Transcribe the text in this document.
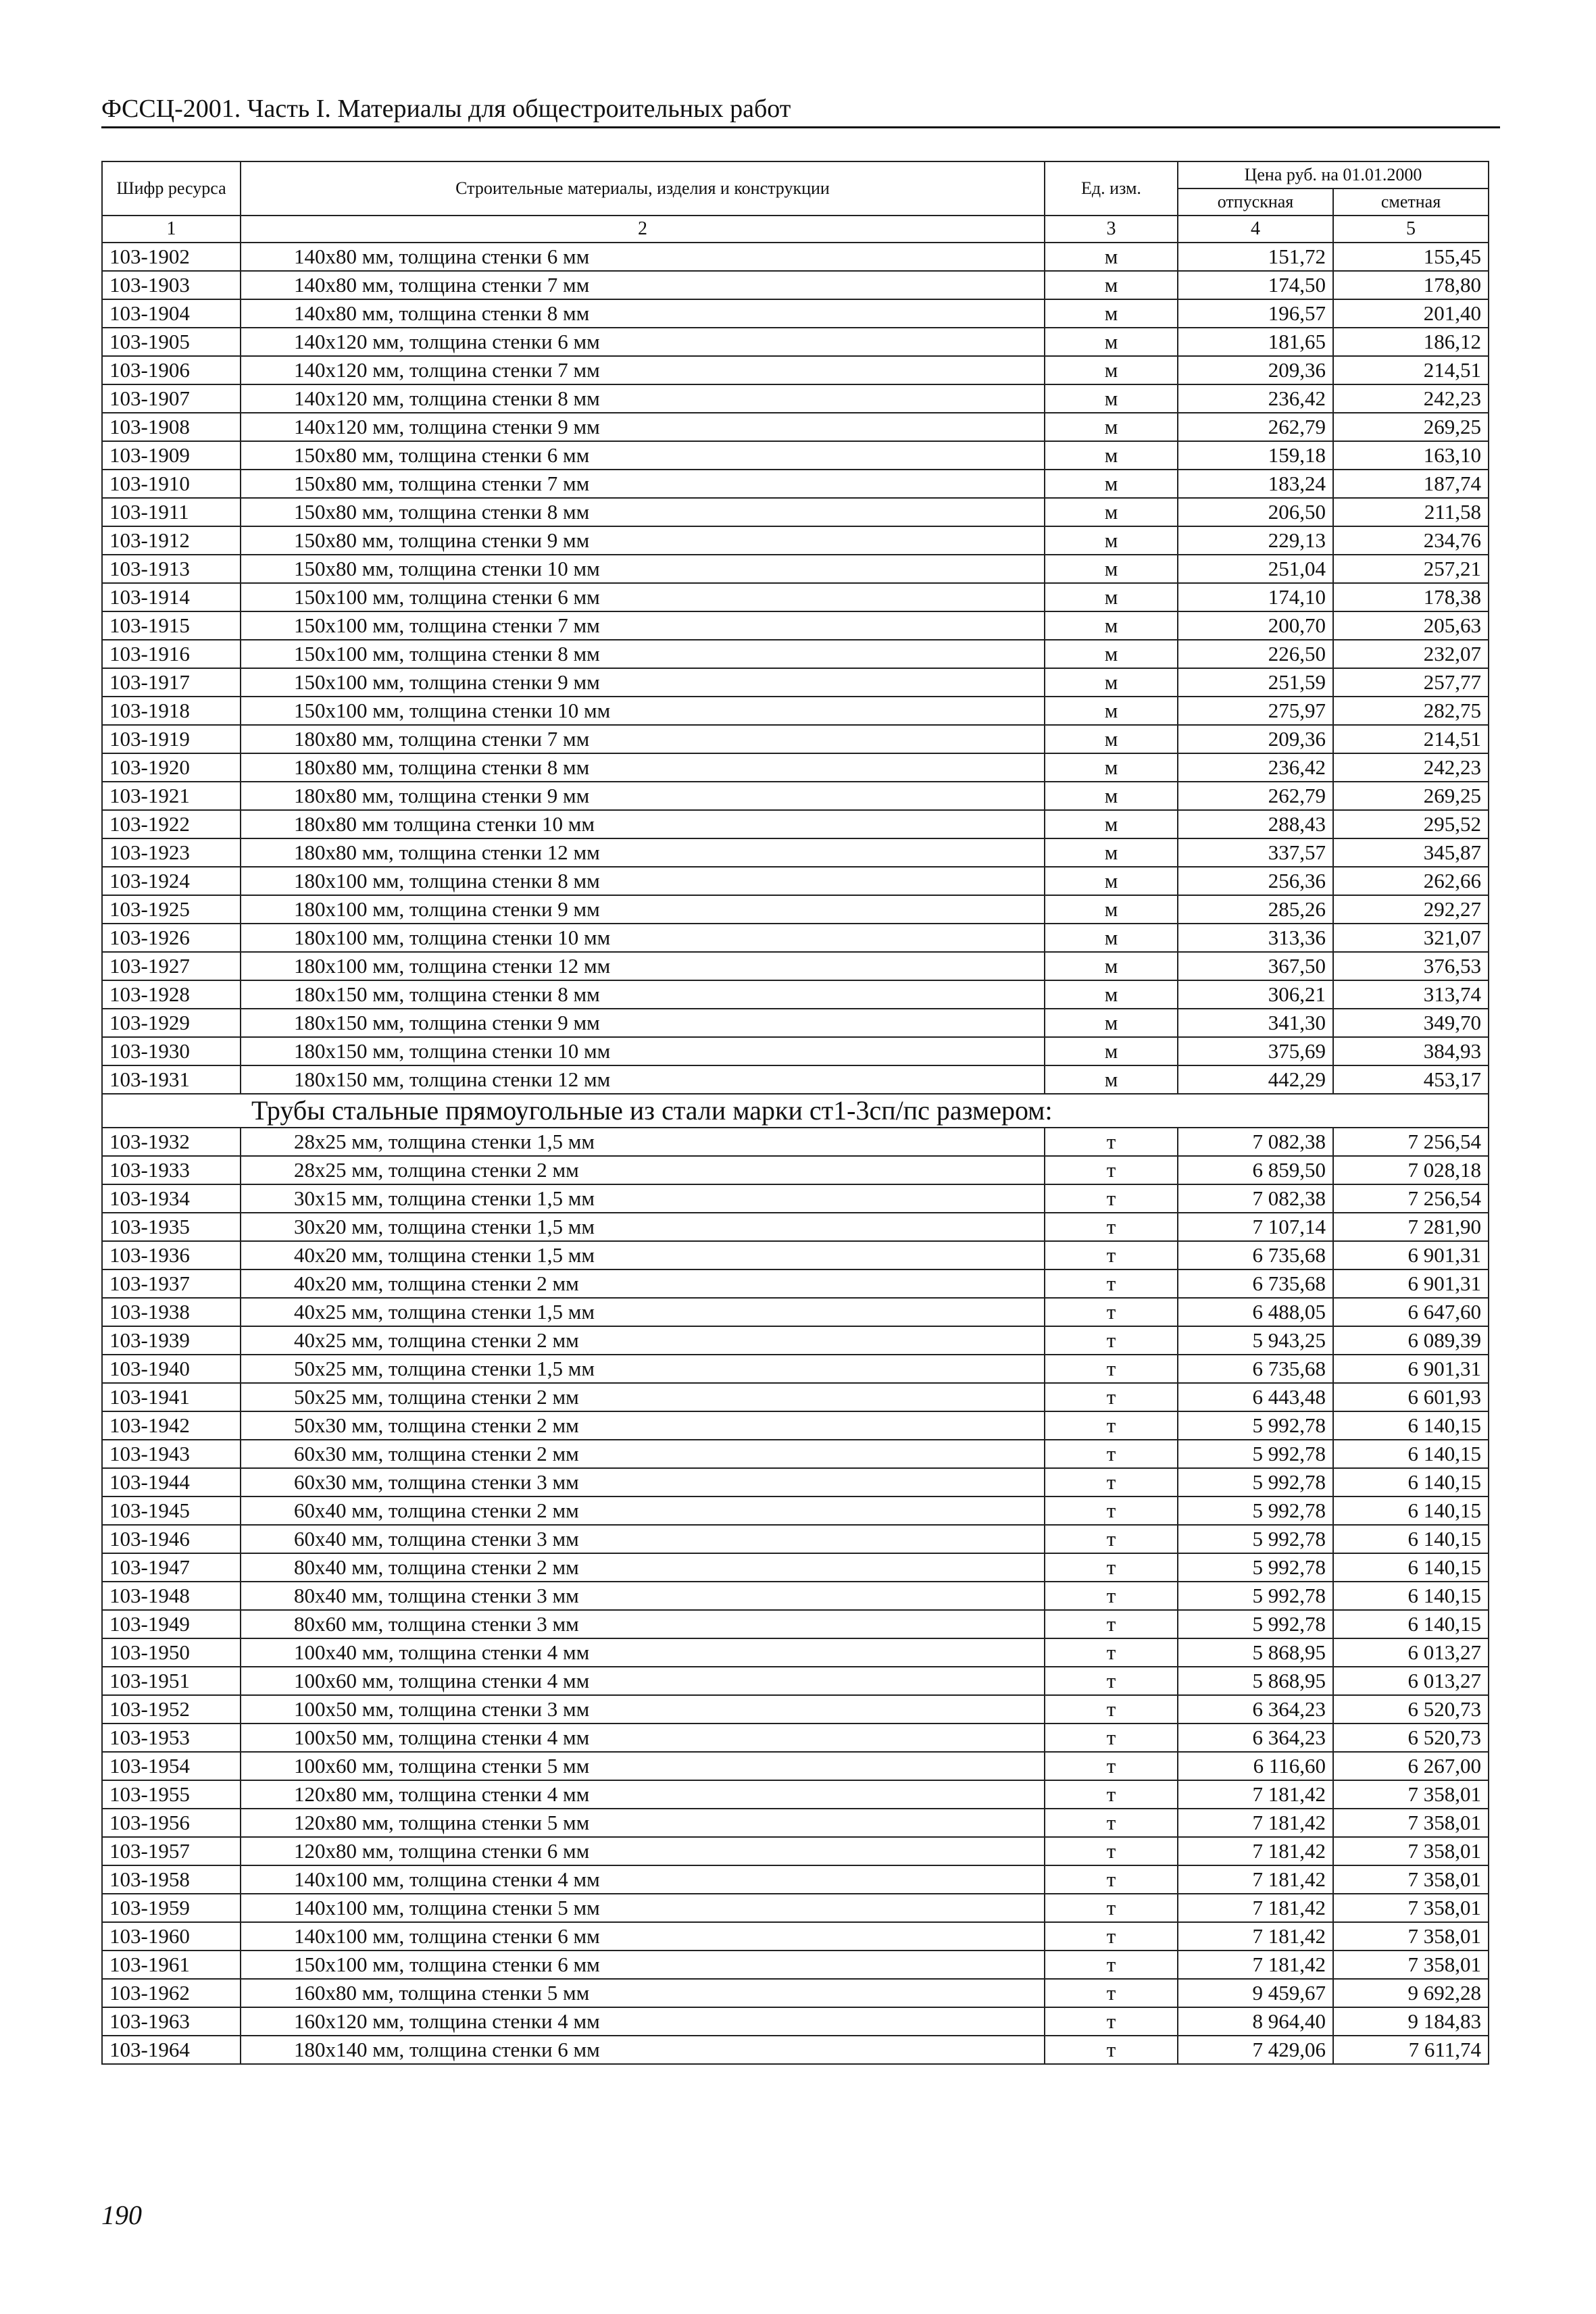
ФССЦ-2001. Часть I. Материалы для общестроительных работ
Шифр ресурса	Строительные материалы, изделия и конструкции	Ед. изм.	Цена руб. на 01.01.2000	
			отпускная	сметная
1	2	3	4	5
103-1902	140x80 мм, толщина стенки 6 мм	м	151,72	155,45
103-1903	140x80 мм, толщина стенки 7 мм	м	174,50	178,80
103-1904	140x80 мм, толщина стенки 8 мм	м	196,57	201,40
103-1905	140x120 мм, толщина стенки 6 мм	м	181,65	186,12
103-1906	140x120 мм, толщина стенки 7 мм	м	209,36	214,51
103-1907	140x120 мм, толщина стенки 8 мм	м	236,42	242,23
103-1908	140x120 мм, толщина стенки 9 мм	м	262,79	269,25
103-1909	150x80 мм, толщина стенки 6 мм	м	159,18	163,10
103-1910	150x80 мм, толщина стенки 7 мм	м	183,24	187,74
103-1911	150x80 мм, толщина стенки 8 мм	м	206,50	211,58
103-1912	150x80 мм, толщина стенки 9 мм	м	229,13	234,76
103-1913	150x80 мм, толщина стенки 10 мм	м	251,04	257,21
103-1914	150x100 мм, толщина стенки 6 мм	м	174,10	178,38
103-1915	150x100 мм, толщина стенки 7 мм	м	200,70	205,63
103-1916	150x100 мм, толщина стенки 8 мм	м	226,50	232,07
103-1917	150x100 мм, толщина стенки 9 мм	м	251,59	257,77
103-1918	150x100 мм, толщина стенки 10 мм	м	275,97	282,75
103-1919	180x80 мм, толщина стенки 7 мм	м	209,36	214,51
103-1920	180x80 мм, толщина стенки 8 мм	м	236,42	242,23
103-1921	180x80 мм, толщина стенки 9 мм	м	262,79	269,25
103-1922	180x80 мм толщина стенки 10 мм	м	288,43	295,52
103-1923	180x80 мм, толщина стенки 12 мм	м	337,57	345,87
103-1924	180x100 мм, толщина стенки 8 мм	м	256,36	262,66
103-1925	180x100 мм, толщина стенки 9 мм	м	285,26	292,27
103-1926	180x100 мм, толщина стенки 10 мм	м	313,36	321,07
103-1927	180x100 мм, толщина стенки 12 мм	м	367,50	376,53
103-1928	180x150 мм, толщина стенки 8 мм	м	306,21	313,74
103-1929	180x150 мм, толщина стенки 9 мм	м	341,30	349,70
103-1930	180x150 мм, толщина стенки 10 мм	м	375,69	384,93
103-1931	180x150 мм, толщина стенки 12 мм	м	442,29	453,17
Трубы стальные прямоугольные из стали марки ст1-3сп/пс размером:				
103-1932	28x25 мм, толщина стенки 1,5 мм	т	7 082,38	7 256,54
103-1933	28x25 мм, толщина стенки 2 мм	т	6 859,50	7 028,18
103-1934	30x15 мм, толщина стенки 1,5 мм	т	7 082,38	7 256,54
103-1935	30x20 мм, толщина стенки 1,5 мм	т	7 107,14	7 281,90
103-1936	40x20 мм, толщина стенки 1,5 мм	т	6 735,68	6 901,31
103-1937	40x20 мм, толщина стенки 2 мм	т	6 735,68	6 901,31
103-1938	40x25 мм, толщина стенки 1,5 мм	т	6 488,05	6 647,60
103-1939	40x25 мм, толщина стенки 2 мм	т	5 943,25	6 089,39
103-1940	50x25 мм, толщина стенки 1,5 мм	т	6 735,68	6 901,31
103-1941	50x25 мм, толщина стенки 2 мм	т	6 443,48	6 601,93
103-1942	50x30 мм, толщина стенки 2 мм	т	5 992,78	6 140,15
103-1943	60x30 мм, толщина стенки 2 мм	т	5 992,78	6 140,15
103-1944	60x30 мм, толщина стенки 3 мм	т	5 992,78	6 140,15
103-1945	60x40 мм, толщина стенки 2 мм	т	5 992,78	6 140,15
103-1946	60x40 мм, толщина стенки 3 мм	т	5 992,78	6 140,15
103-1947	80x40 мм, толщина стенки 2 мм	т	5 992,78	6 140,15
103-1948	80x40 мм, толщина стенки 3 мм	т	5 992,78	6 140,15
103-1949	80x60 мм, толщина стенки 3 мм	т	5 992,78	6 140,15
103-1950	100x40 мм, толщина стенки 4 мм	т	5 868,95	6 013,27
103-1951	100x60 мм, толщина стенки 4 мм	т	5 868,95	6 013,27
103-1952	100x50 мм, толщина стенки 3 мм	т	6 364,23	6 520,73
103-1953	100x50 мм, толщина стенки 4 мм	т	6 364,23	6 520,73
103-1954	100x60 мм, толщина стенки 5 мм	т	6 116,60	6 267,00
103-1955	120x80 мм, толщина стенки 4 мм	т	7 181,42	7 358,01
103-1956	120x80 мм, толщина стенки 5 мм	т	7 181,42	7 358,01
103-1957	120x80 мм, толщина стенки 6 мм	т	7 181,42	7 358,01
103-1958	140x100 мм, толщина стенки 4 мм	т	7 181,42	7 358,01
103-1959	140x100 мм, толщина стенки 5 мм	т	7 181,42	7 358,01
103-1960	140x100 мм, толщина стенки 6 мм	т	7 181,42	7 358,01
103-1961	150x100 мм, толщина стенки 6 мм	т	7 181,42	7 358,01
103-1962	160x80 мм, толщина стенки 5 мм	т	9 459,67	9 692,28
103-1963	160x120 мм, толщина стенки 4 мм	т	8 964,40	9 184,83
103-1964	180x140 мм, толщина стенки 6 мм	т	7 429,06	7 611,74
190
